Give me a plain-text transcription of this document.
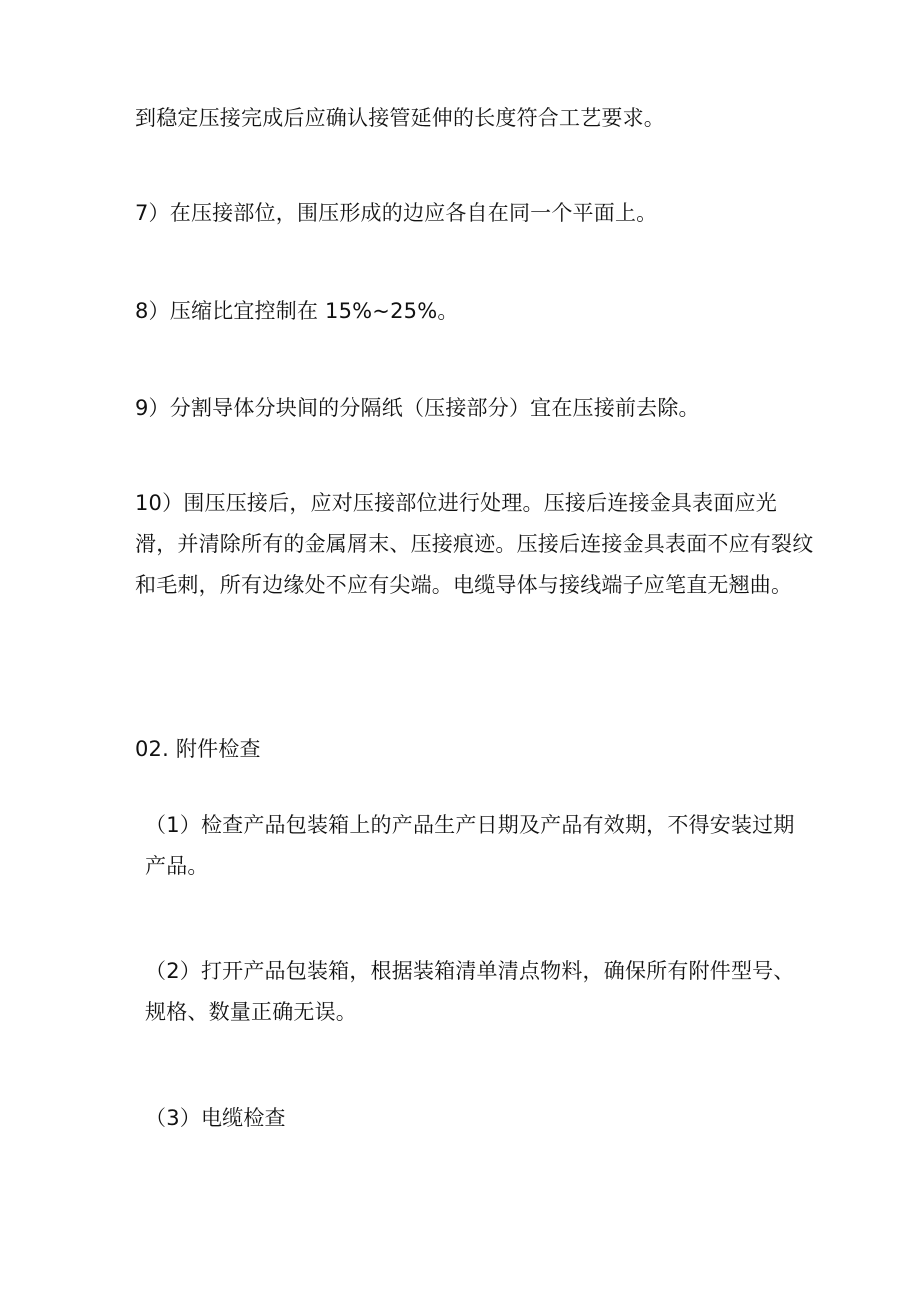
到稳定压接完成后应确认接管延伸的长度符合工艺要求。

7）在压接部位，围压形成的边应各自在同一个平面上。

8）压缩比宜控制在 15%~25%。

9）分割导体分块间的分隔纸（压接部分）宜在压接前去除。

10）围压压接后，应对压接部位进行处理。压接后连接金具表面应光滑，并清除所有的金属屑末、压接痕迹。压接后连接金具表面不应有裂纹和毛刺，所有边缘处不应有尖端。电缆导体与接线端子应笔直无翘曲。

02. 附件检查

（1）检查产品包装箱上的产品生产日期及产品有效期，不得安装过期产品。

（2）打开产品包装箱，根据装箱清单清点物料，确保所有附件型号、规格、数量正确无误。

（3）电缆检查
